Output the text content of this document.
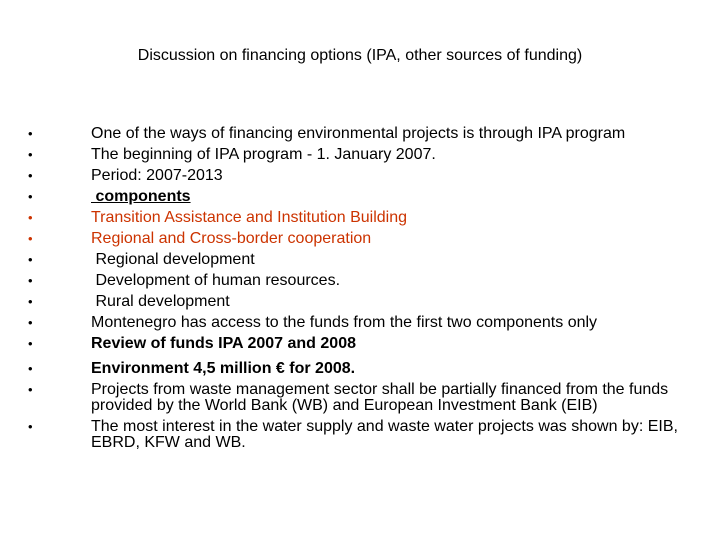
Discussion on financing options (IPA, other sources of funding)
•	One of the ways of financing environmental projects is through IPA program
•	The beginning of IPA program - 1. January 2007.
•	Period: 2007-2013
•	components
•	Transition Assistance and Institution Building
•	Regional and Cross-border cooperation
•	Regional development
•	Development of human resources.
•	Rural development
•	Montenegro has access to the funds from the first two components only
•	Review of funds IPA 2007 and 2008
•	Environment 4,5 million € for 2008.
•	Projects from waste management sector shall be partially financed from the funds provided by the World Bank (WB) and European Investment Bank (EIB)
•	The most interest in the water supply and waste water projects was shown by: EIB, EBRD, KFW and WB.
